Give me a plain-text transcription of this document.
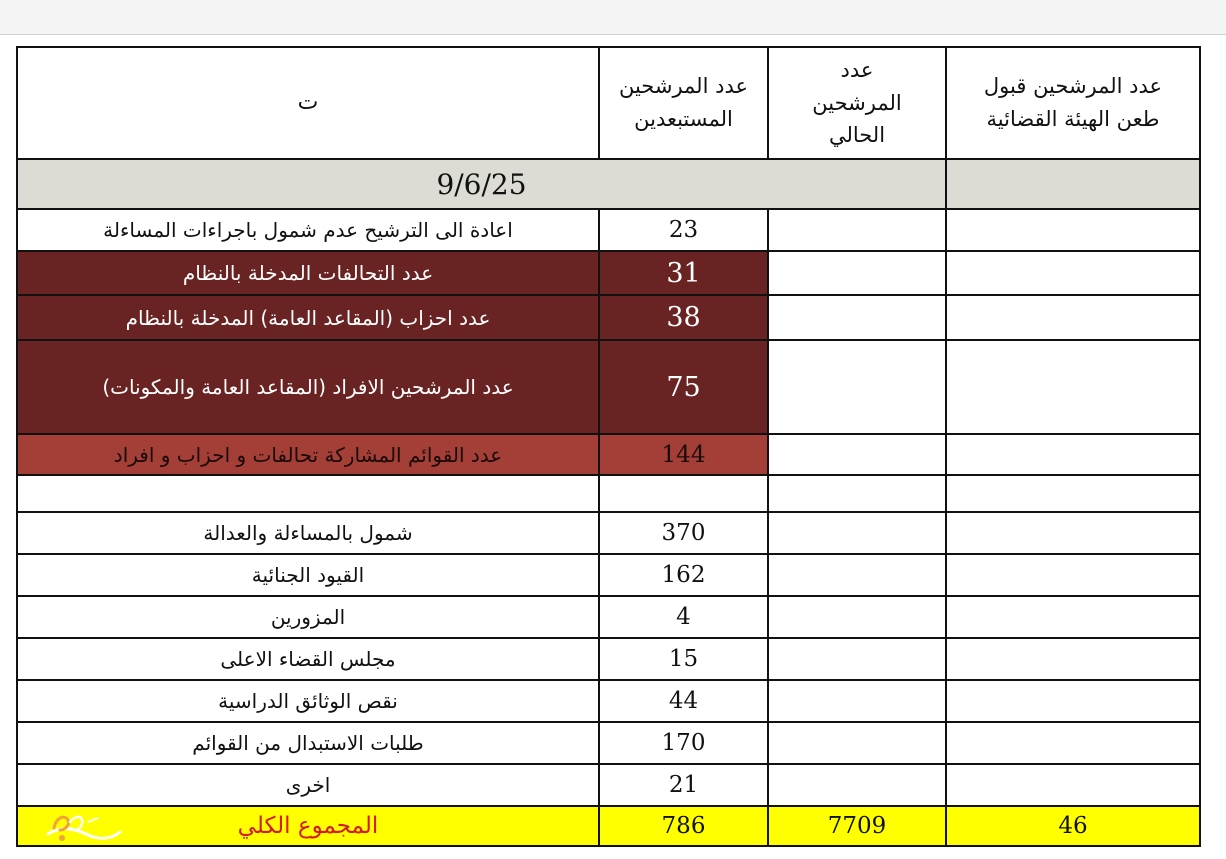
ت	عدد المرشحين المستبعدين	عدد المرشحين الحالي	عدد المرشحين قبول طعن الهيئة القضائية

9/6/25			
اعادة الى الترشيح عدم شمول باجراءات المساءلة	23		
عدد التحالفات المدخلة بالنظام	31		
عدد احزاب (المقاعد العامة) المدخلة بالنظام	38		
عدد المرشحين الافراد (المقاعد العامة والمكونات)	75		
عدد القوائم المشاركة تحالفات و احزاب و افراد	144		

شمول بالمساءلة والعدالة	370		
القيود الجنائية	162		
المزورين	4		
مجلس القضاء الاعلى	15		
نقص الوثائق الدراسية	44		
طلبات الاستبدال من القوائم	170		
اخرى	21		
المجموع الكلي	786	7709	46
